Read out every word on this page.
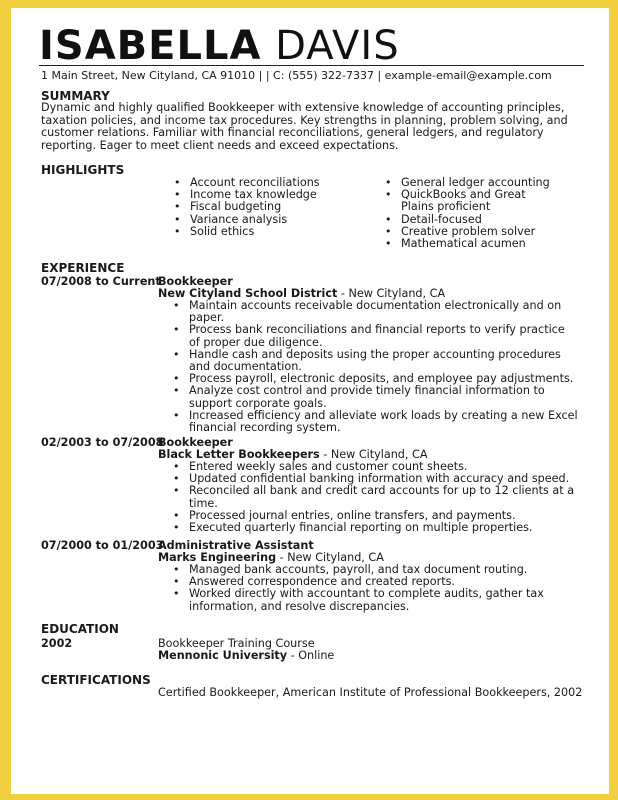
ISABELLA DAVIS
1 Main Street, New Cityland, CA 91010 | | C: (555) 322-7337 | example-email@example.com
SUMMARY
Dynamic and highly qualified Bookkeeper with extensive knowledge of accounting principles, taxation policies, and income tax procedures. Key strengths in planning, problem solving, and customer relations. Familiar with financial reconciliations, general ledgers, and regulatory reporting. Eager to meet client needs and exceed expectations.
HIGHLIGHTS
• Account reconciliations
• Income tax knowledge
• Fiscal budgeting
• Variance analysis
• Solid ethics
• General ledger accounting
• QuickBooks and Great Plains proficient
• Detail-focused
• Creative problem solver
• Mathematical acumen
EXPERIENCE
07/2008 to Current
Bookkeeper
New Cityland School District - New Cityland, CA
• Maintain accounts receivable documentation electronically and on paper.
• Process bank reconciliations and financial reports to verify practice of proper due diligence.
• Handle cash and deposits using the proper accounting procedures and documentation.
• Process payroll, electronic deposits, and employee pay adjustments.
• Analyze cost control and provide timely financial information to support corporate goals.
• Increased efficiency and alleviate work loads by creating a new Excel financial recording system.
02/2003 to 07/2008
Bookkeeper
Black Letter Bookkeepers - New Cityland, CA
• Entered weekly sales and customer count sheets.
• Updated confidential banking information with accuracy and speed.
• Reconciled all bank and credit card accounts for up to 12 clients at a time.
• Processed journal entries, online transfers, and payments.
• Executed quarterly financial reporting on multiple properties.
07/2000 to 01/2003
Administrative Assistant
Marks Engineering - New Cityland, CA
• Managed bank accounts, payroll, and tax document routing.
• Answered correspondence and created reports.
• Worked directly with accountant to complete audits, gather tax information, and resolve discrepancies.
EDUCATION
2002	Bookkeeper Training Course
Mennonic University - Online
CERTIFICATIONS
Certified Bookkeeper, American Institute of Professional Bookkeepers, 2002
